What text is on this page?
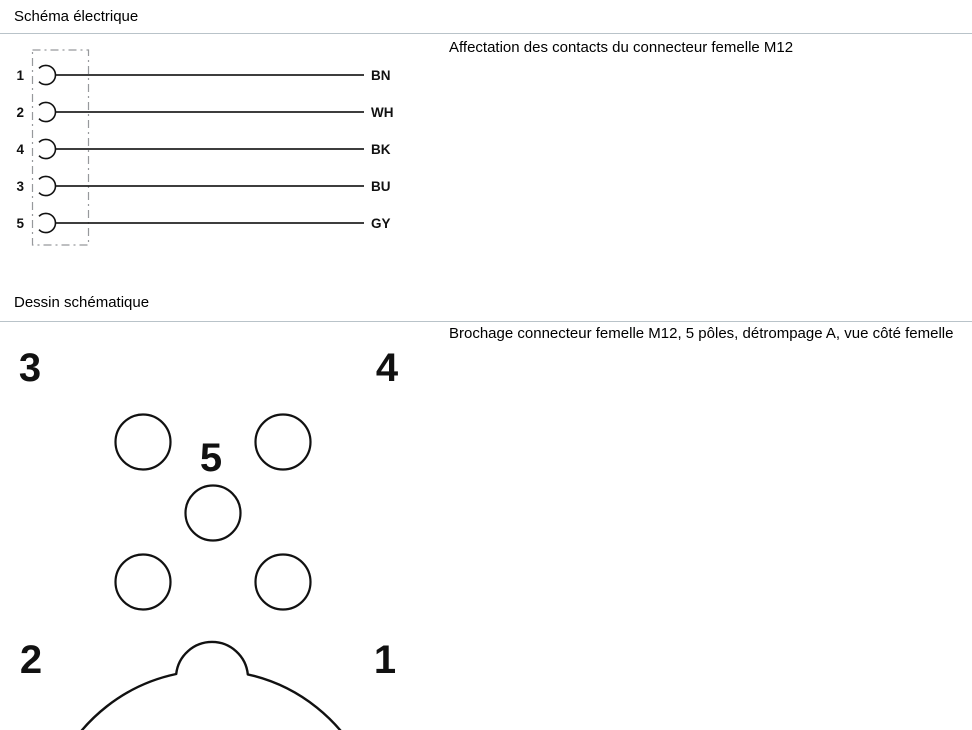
Schéma électrique
1	BN
2	WH
4	BK
3	BU
5	GY
Affectation des contacts du connecteur femelle M12
Dessin schématique
3	4
5
2	1
Brochage connecteur femelle M12, 5 pôles, détrompage A, vue côté femelle
